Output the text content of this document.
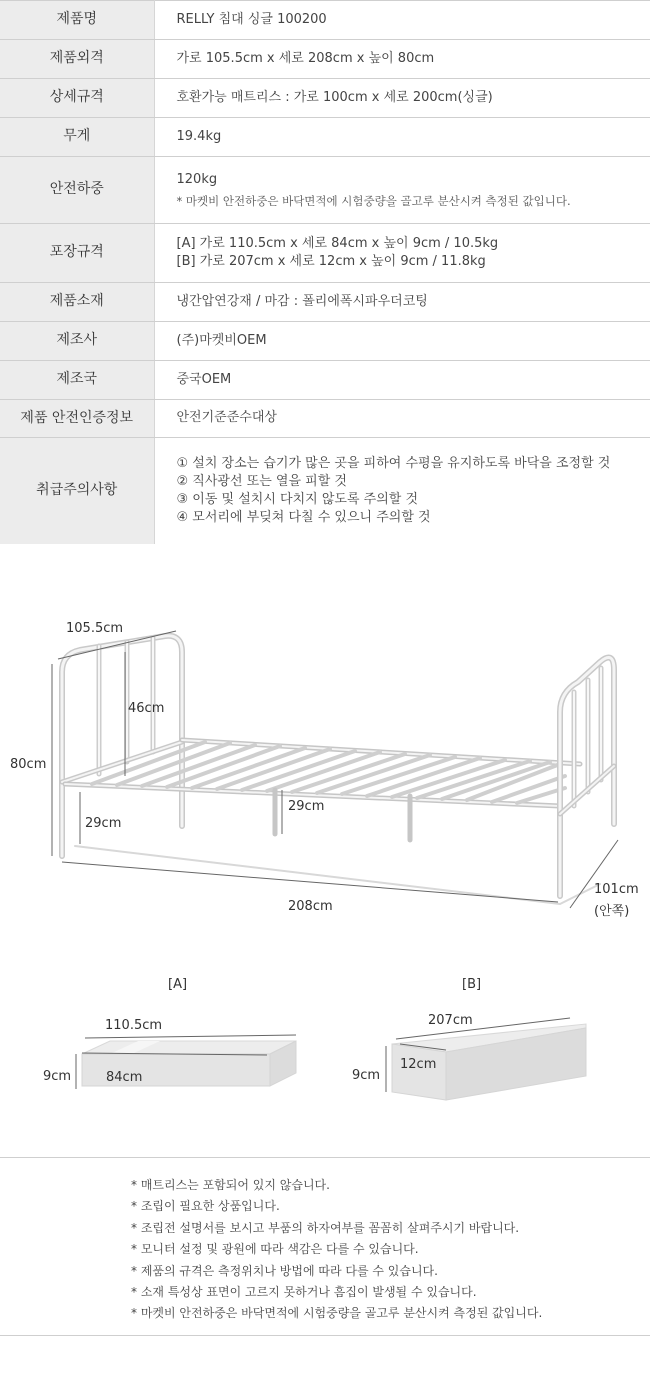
제품명	RELLY 침대 싱글 100200

제품외격	가로 105.5cm x 세로 208cm x 높이 80cm

상세규격	호환가능 매트리스 : 가로 100cm x 세로 200cm(싱글)

무게	19.4kg

안전하중	120kg
* 마켓비 안전하중은 바닥면적에 시험중량을 골고루 분산시켜 측정된 값입니다.

포장규격	[A] 가로 110.5cm x 세로 84cm x 높이 9cm / 10.5kg
[B] 가로 207cm x 세로 12cm x 높이 9cm / 11.8kg

제품소재	냉간압연강재 / 마감 : 폴리에폭시파우더코팅

제조사	(주)마켓비OEM

제조국	중국OEM

제품 안전인증정보	안전기준준수대상

취급주의사항	① 설치 장소는 습기가 많은 곳을 피하여 수평을 유지하도록 바닥을 조정할 것
② 직사광선 또는 열을 피할 것
③ 이동 및 설치시 다치지 않도록 주의할 것
④ 모서리에 부딪쳐 다칠 수 있으니 주의할 것
105.5cm
80cm
46cm
29cm
29cm
208cm
101cm
(안쪽)
[A]
110.5cm
84cm
9cm
[B]
207cm
12cm
9cm
* 매트리스는 포함되어 있지 않습니다.
* 조립이 필요한 상품입니다.
* 조립전 설명서를 보시고 부품의 하자여부를 꼼꼼히 살펴주시기 바랍니다.
* 모니터 설정 및 광원에 따라 색감은 다를 수 있습니다.
* 제품의 규격은 측정위치나 방법에 따라 다를 수 있습니다.
* 소재 특성상 표면이 고르지 못하거나 흠집이 발생될 수 있습니다.
* 마켓비 안전하중은 바닥면적에 시험중량을 골고루 분산시켜 측정된 값입니다.
